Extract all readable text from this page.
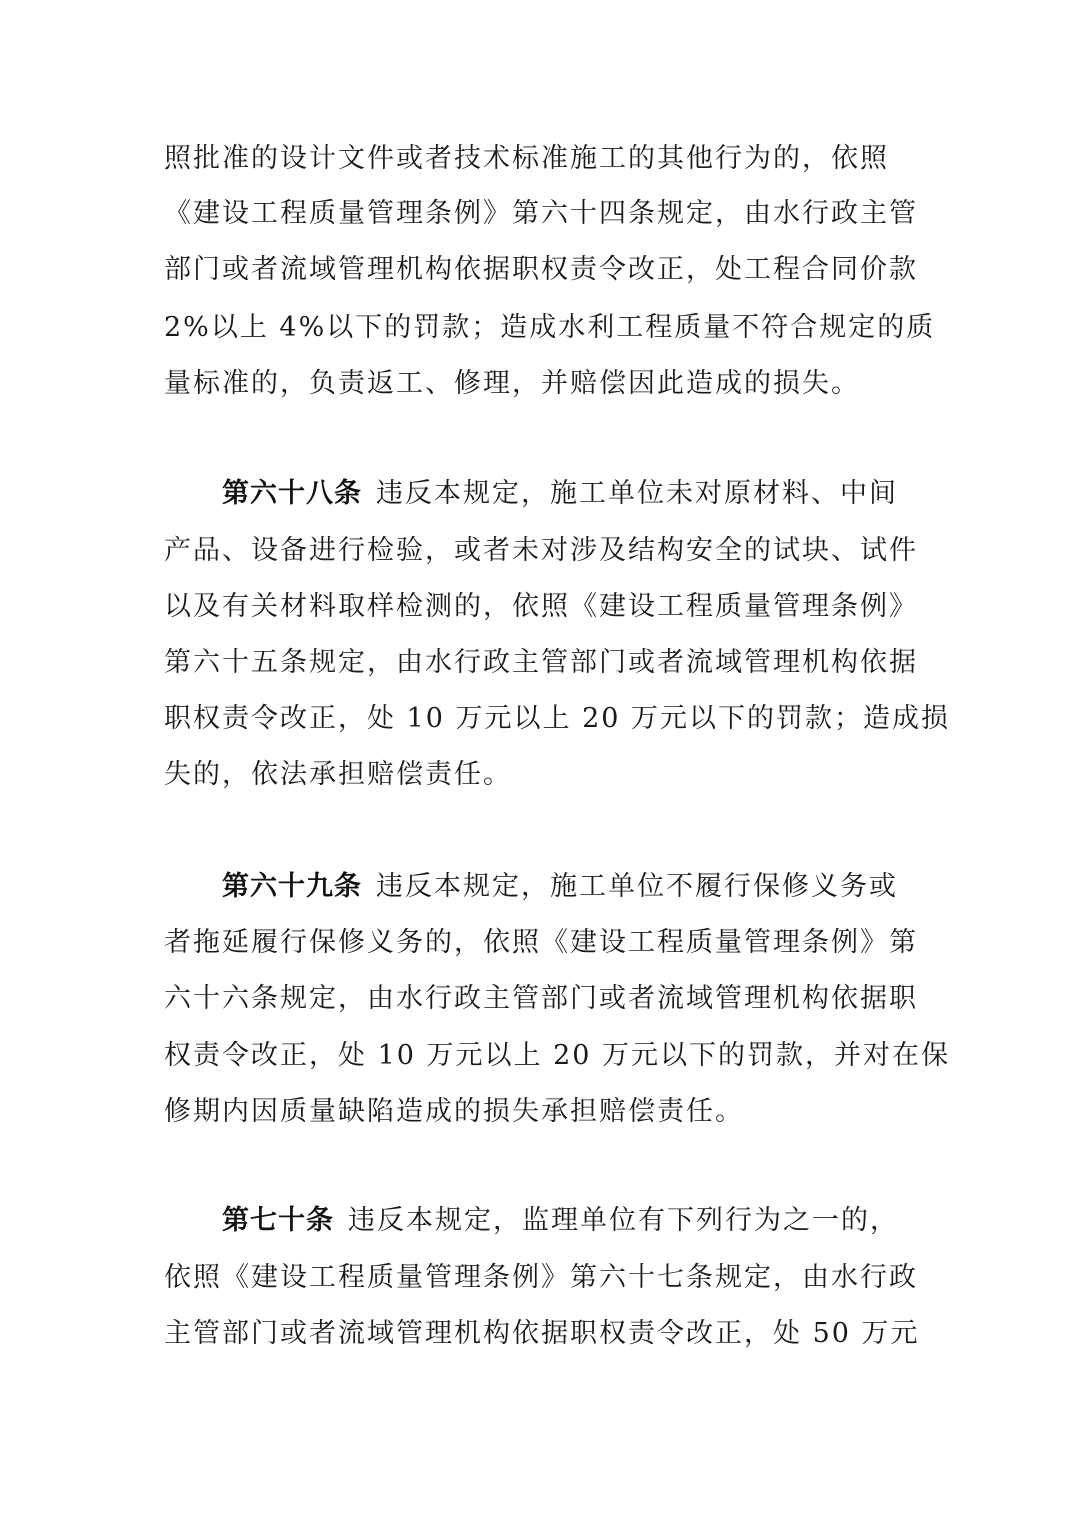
照批准的设计文件或者技术标准施工的其他行为的，依照
《建设工程质量管理条例》第六十四条规定，由水行政主管
部门或者流域管理机构依据职权责令改正，处工程合同价款
2%以上 4%以下的罚款；造成水利工程质量不符合规定的质
量标准的，负责返工、修理，并赔偿因此造成的损失。
第六十八条 违反本规定，施工单位未对原材料、中间
产品、设备进行检验，或者未对涉及结构安全的试块、试件
以及有关材料取样检测的，依照《建设工程质量管理条例》
第六十五条规定，由水行政主管部门或者流域管理机构依据
职权责令改正，处 10 万元以上 20 万元以下的罚款；造成损
失的，依法承担赔偿责任。
第六十九条 违反本规定，施工单位不履行保修义务或
者拖延履行保修义务的，依照《建设工程质量管理条例》第
六十六条规定，由水行政主管部门或者流域管理机构依据职
权责令改正，处 10 万元以上 20 万元以下的罚款，并对在保
修期内因质量缺陷造成的损失承担赔偿责任。
第七十条 违反本规定，监理单位有下列行为之一的，
依照《建设工程质量管理条例》第六十七条规定，由水行政
主管部门或者流域管理机构依据职权责令改正，处 50 万元
